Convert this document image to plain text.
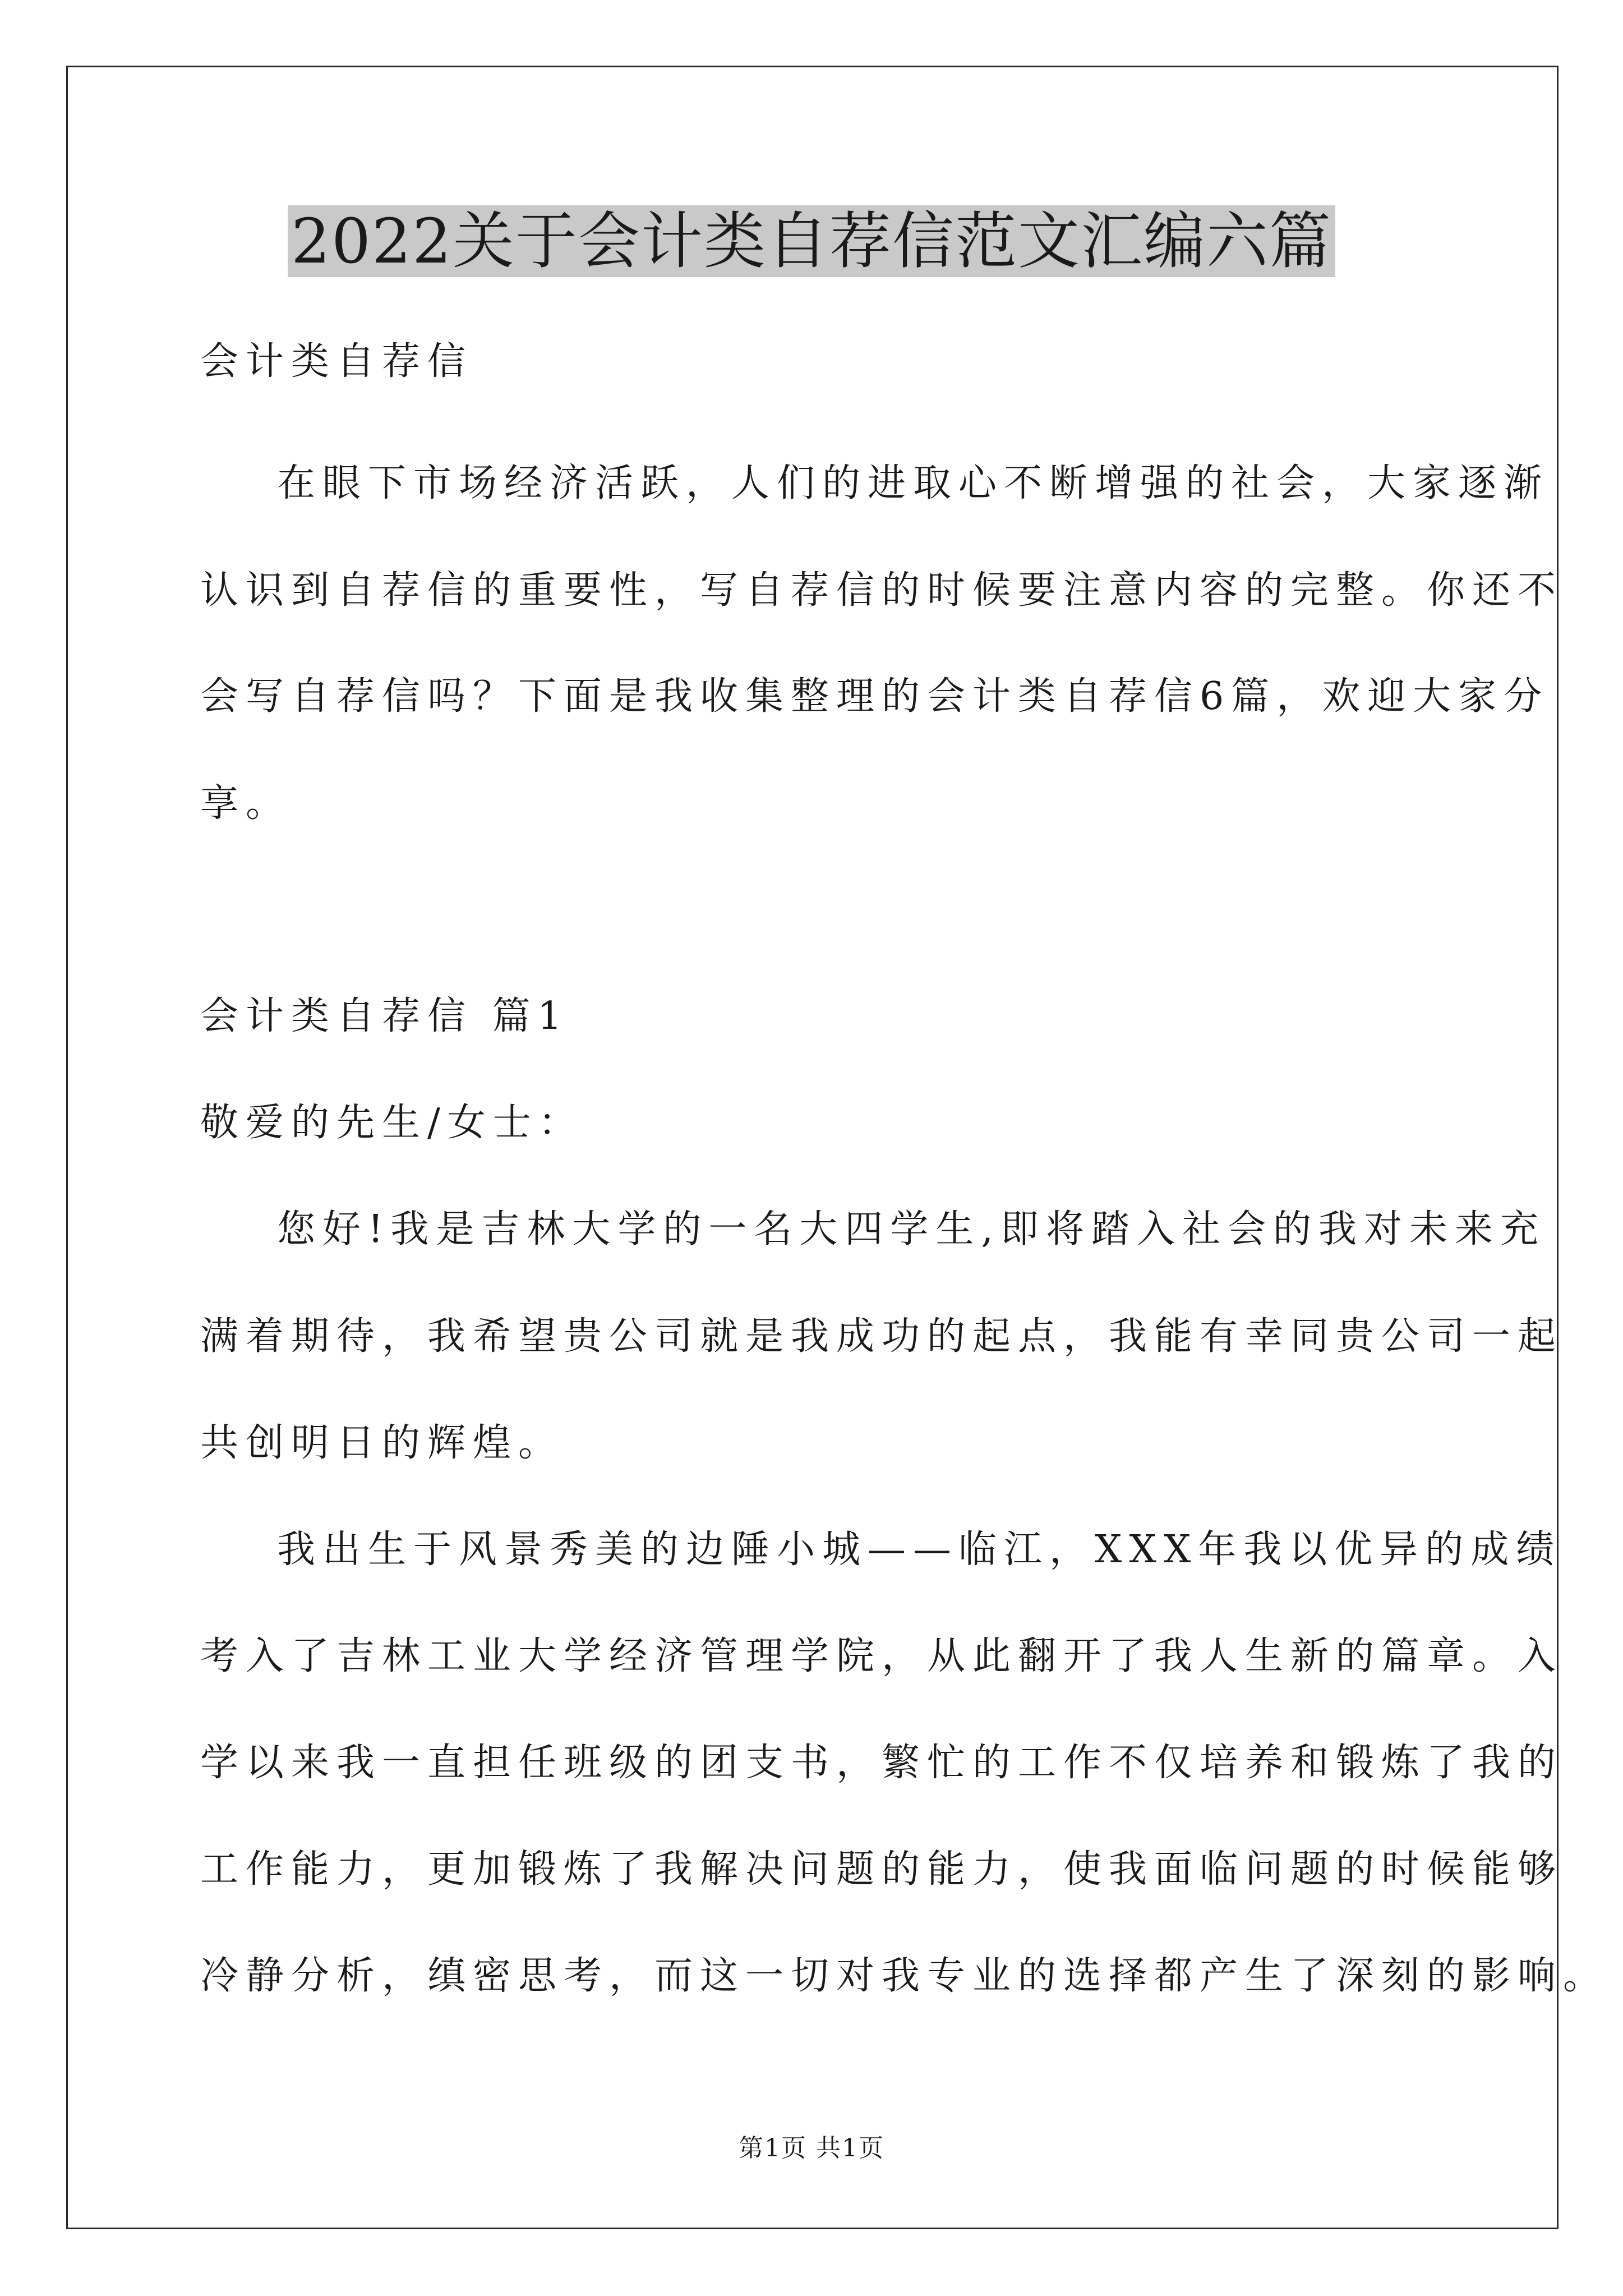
2022关于会计类自荐信范文汇编六篇
会计类自荐信
在眼下市场经济活跃，人们的进取心不断增强的社会，大家逐渐
认识到自荐信的重要性，写自荐信的时候要注意内容的完整。你还不
会写自荐信吗？下面是我收集整理的会计类自荐信6篇，欢迎大家分
享。
会计类自荐信 篇1
敬爱的先生/女士：
您好!我是吉林大学的一名大四学生,即将踏入社会的我对未来充
满着期待，我希望贵公司就是我成功的起点，我能有幸同贵公司一起
共创明日的辉煌。
我出生于风景秀美的边陲小城——临江，XXX年我以优异的成绩
考入了吉林工业大学经济管理学院，从此翻开了我人生新的篇章。入
学以来我一直担任班级的团支书，繁忙的工作不仅培养和锻炼了我的
工作能力，更加锻炼了我解决问题的能力，使我面临问题的时候能够
冷静分析，缜密思考，而这一切对我专业的选择都产生了深刻的影响。
第1页 共1页
